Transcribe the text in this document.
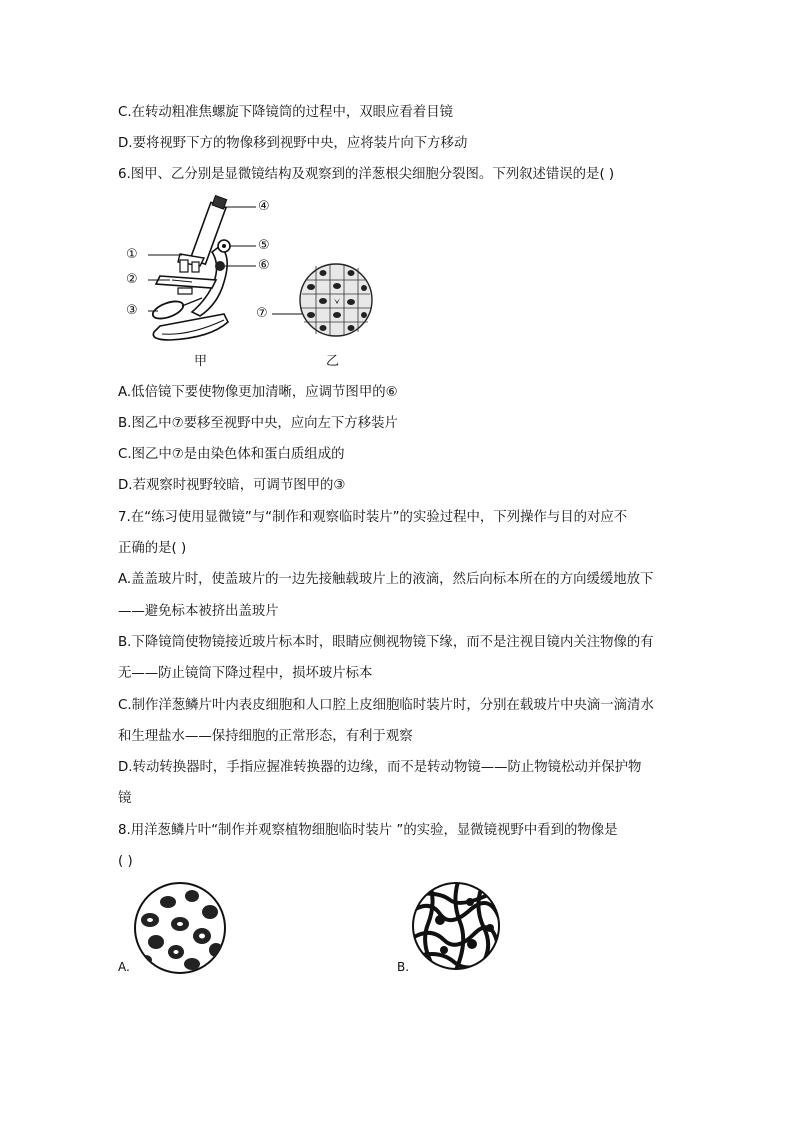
C.在转动粗准焦螺旋下降镜筒的过程中，双眼应看着目镜
D.要将视野下方的物像移到视野中央，应将装片向下方移动
6.图甲、乙分别是显微镜结构及观察到的洋葱根尖细胞分裂图。下列叙述错误的是( )
①
②
③
④
⑤
⑥
甲
⑦
乙
A.低倍镜下要使物像更加清晰，应调节图甲的⑥
B.图乙中⑦要移至视野中央，应向左下方移装片
C.图乙中⑦是由染色体和蛋白质组成的
D.若观察时视野较暗，可调节图甲的③
7.在“练习使用显微镜”与“制作和观察临时装片”的实验过程中，下列操作与目的对应不
正确的是( )
A.盖盖玻片时，使盖玻片的一边先接触载玻片上的液滴，然后向标本所在的方向缓缓地放下
——避免标本被挤出盖玻片
B.下降镜筒使物镜接近玻片标本时，眼睛应侧视物镜下缘，而不是注视目镜内关注物像的有
无——防止镜筒下降过程中，损坏玻片标本
C.制作洋葱鳞片叶内表皮细胞和人口腔上皮细胞临时装片时，分别在载玻片中央滴一滴清水
和生理盐水——保持细胞的正常形态，有利于观察
D.转动转换器时，手指应握准转换器的边缘，而不是转动物镜——防止物镜松动并保护物
镜
8.用洋葱鳞片叶“制作并观察植物细胞临时装片 ”的实验，显微镜视野中看到的物像是
( )
A.	B.
